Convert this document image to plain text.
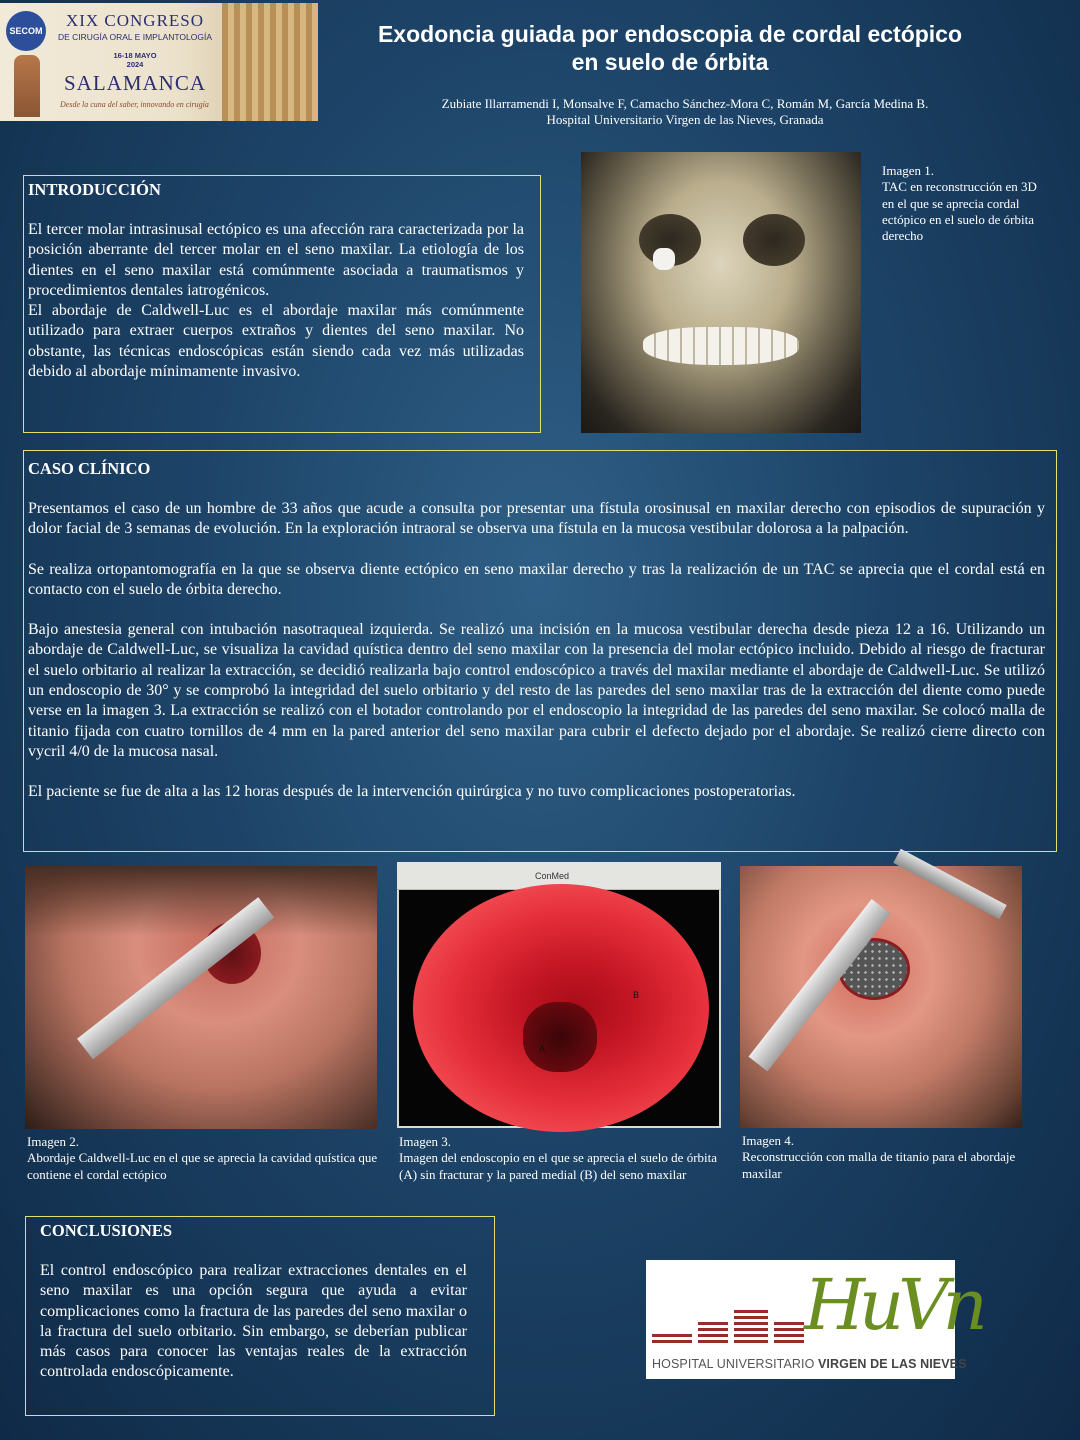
SECOM
XIX CONGRESO
DE CIRUGÍA ORAL E IMPLANTOLOGÍA
16-18 MAYO
2024
SALAMANCA
Desde la cuna del saber, innovando en cirugía
Exodoncia guiada por endoscopia de cordal ectópico
en suelo de órbita
Zubiate Illarramendi I, Monsalve F, Camacho Sánchez-Mora C, Román M, García Medina B.
Hospital Universitario Virgen de las Nieves, Granada
INTRODUCCIÓN

El tercer molar intrasinusal ectópico es una afección rara caracterizada por la posición aberrante del tercer molar en el seno maxilar. La etiología de los dientes en el seno maxilar está comúnmente asociada a traumatismos y procedimientos dentales iatrogénicos.

El abordaje de Caldwell-Luc es el abordaje maxilar más comúnmente utilizado para extraer cuerpos extraños y dientes del seno maxilar. No obstante, las técnicas endoscópicas están siendo cada vez más utilizadas debido al abordaje mínimamente invasivo.

Imagen 1.
TAC en reconstrucción en 3D en el que se aprecia cordal ectópico en el suelo de órbita derecho
CASO CLÍNICO

Presentamos el caso de un hombre de 33 años que acude a consulta por presentar una fístula orosinusal en maxilar derecho con episodios de supuración y dolor facial de 3 semanas de evolución. En la exploración intraoral se observa una fístula en la mucosa vestibular dolorosa a la palpación.

Se realiza ortopantomografía en la que se observa diente ectópico en seno maxilar derecho y tras la realización de un TAC se aprecia que el cordal está en contacto con el suelo de órbita derecho.

Bajo anestesia general con intubación nasotraqueal izquierda. Se realizó una incisión en la mucosa vestibular derecha desde pieza 12 a 16. Utilizando un abordaje de Caldwell-Luc, se visualiza la cavidad quística dentro del seno maxilar con la presencia del molar ectópico incluido. Debido al riesgo de fracturar el suelo orbitario al realizar la extracción, se decidió realizarla bajo control endoscópico a través del maxilar mediante el abordaje de Caldwell-Luc. Se utilizó un endoscopio de 30° y se comprobó la integridad del suelo orbitario y del resto de las paredes del seno maxilar tras de la extracción del diente como puede verse en la imagen 3. La extracción se realizó con el botador controlando por el endoscopio la integridad de las paredes del seno maxilar. Se colocó malla de titanio fijada con cuatro tornillos de 4 mm en la pared anterior del seno maxilar para cubrir el defecto dejado por el abordaje. Se realizó cierre directo con vycril 4/0 de la mucosa nasal.

El paciente se fue de alta a las 12 horas después de la intervención quirúrgica y no tuvo complicaciones postoperatorias.

Imagen 2.
Abordaje Caldwell-Luc en el que se aprecia la cavidad quística que contiene el cordal ectópico
ConMed
A
B
Imagen 3.
Imagen del endoscopio en el que se aprecia el suelo de órbita (A) sin fracturar y la pared medial (B) del seno maxilar
Imagen 4.
Reconstrucción con malla de titanio para el abordaje maxilar
CONCLUSIONES

El control endoscópico para realizar extracciones dentales en el seno maxilar es una opción segura que ayuda a evitar complicaciones como la fractura de las paredes del seno maxilar o la fractura del suelo orbitario. Sin embargo, se deberían publicar más casos para conocer las ventajas reales de la extracción controlada endoscópicamente.

HuVn
HOSPITAL UNIVERSITARIO VIRGEN DE LAS NIEVES
